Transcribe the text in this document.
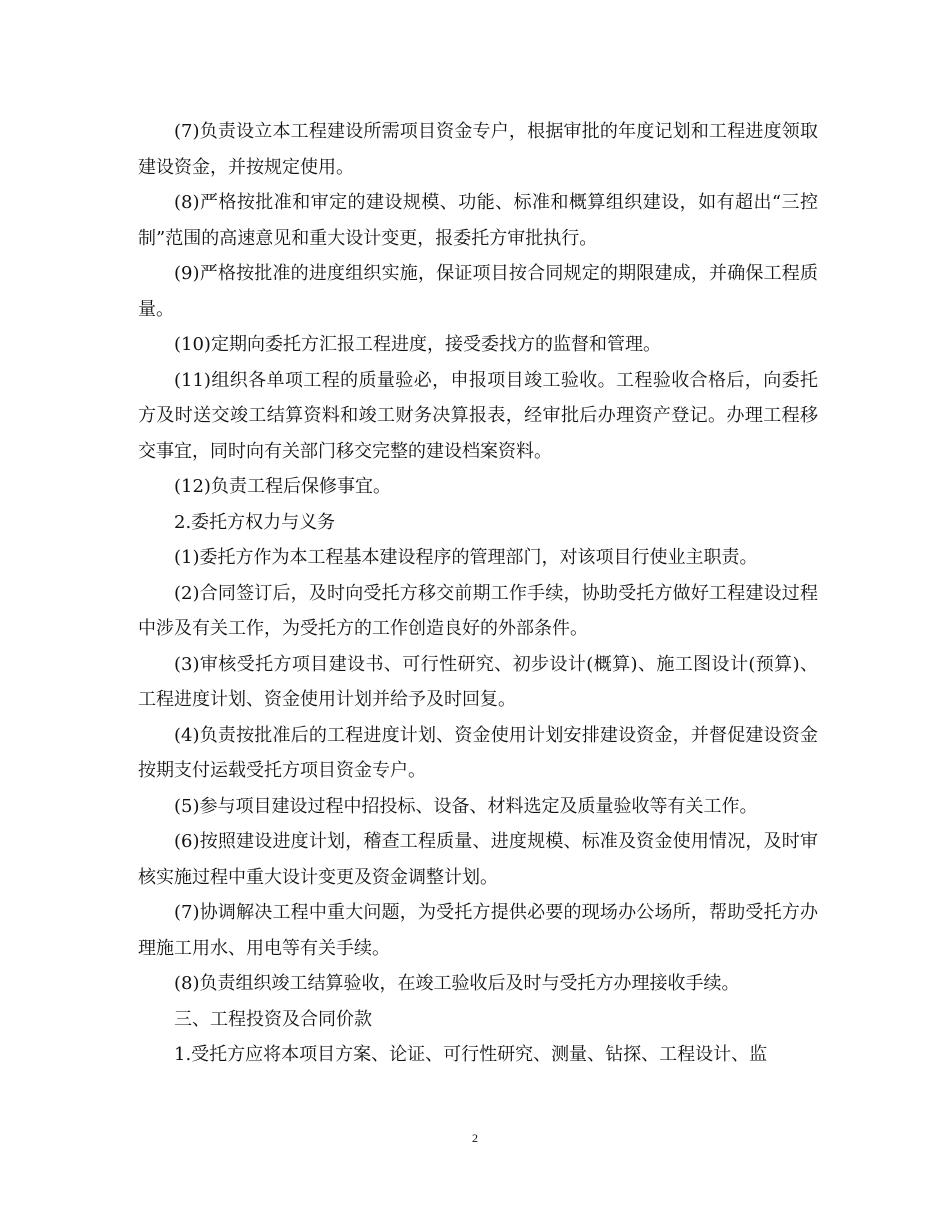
(7)负责设立本工程建设所需项目资金专户，根据审批的年度记划和工程进度领取建设资金，并按规定使用。

(8)严格按批准和审定的建设规模、功能、标准和概算组织建设，如有超出“三控制”范围的高速意见和重大设计变更，报委托方审批执行。

(9)严格按批准的进度组织实施，保证项目按合同规定的期限建成，并确保工程质量。

(10)定期向委托方汇报工程进度，接受委找方的监督和管理。

(11)组织各单项工程的质量验必，申报项目竣工验收。工程验收合格后，向委托方及时送交竣工结算资料和竣工财务决算报表，经审批后办理资产登记。办理工程移交事宜，同时向有关部门移交完整的建设档案资料。

(12)负责工程后保修事宜。

2.委托方权力与义务

(1)委托方作为本工程基本建设程序的管理部门，对该项目行使业主职责。

(2)合同签订后，及时向受托方移交前期工作手续，协助受托方做好工程建设过程中涉及有关工作，为受托方的工作创造良好的外部条件。

(3)审核受托方项目建设书、可行性研究、初步设计(概算)、施工图设计(预算)、工程进度计划、资金使用计划并给予及时回复。

(4)负责按批准后的工程进度计划、资金使用计划安排建设资金，并督促建设资金按期支付运载受托方项目资金专户。

(5)参与项目建设过程中招投标、设备、材料选定及质量验收等有关工作。

(6)按照建设进度计划，稽查工程质量、进度规模、标准及资金使用情况，及时审核实施过程中重大设计变更及资金调整计划。

(7)协调解决工程中重大问题，为受托方提供必要的现场办公场所，帮助受托方办理施工用水、用电等有关手续。

(8)负责组织竣工结算验收，在竣工验收后及时与受托方办理接收手续。

三、工程投资及合同价款

1.受托方应将本项目方案、论证、可行性研究、测量、钻探、工程设计、监

2
